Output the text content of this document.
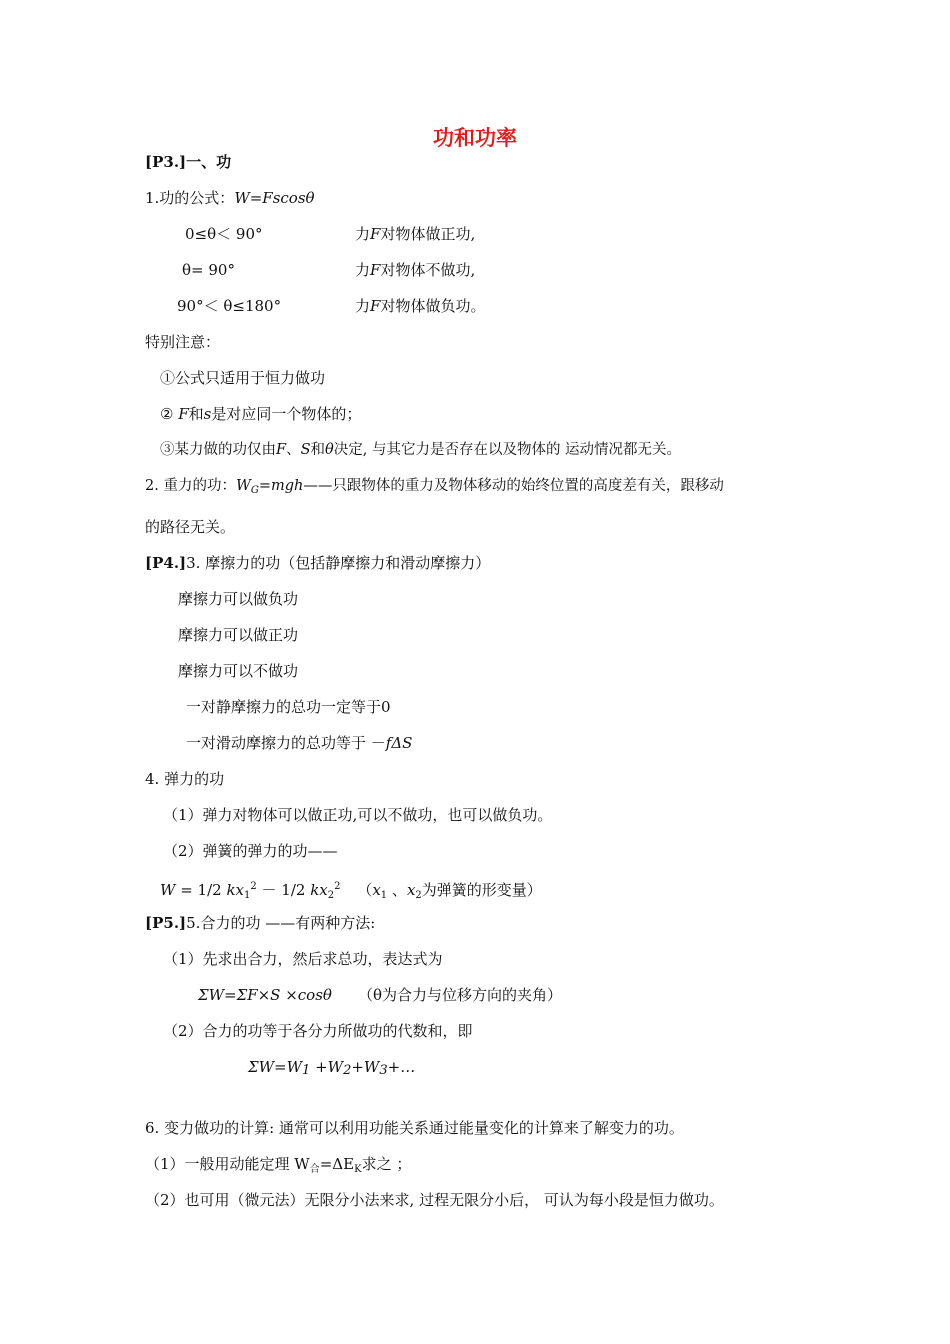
功和功率
[P3.]一、功
1.功的公式：W=Fscosθ
0≤θ＜ 90°	力F对物体做正功,
θ= 90°	力F对物体不做功,
90°＜ θ≤180°	力F对物体做负功。
特别注意：
①公式只适用于恒力做功
② F和s是对应同一个物体的；
③某力做的功仅由F、S和θ决定, 与其它力是否存在以及物体的 运动情况都无关。
2. 重力的功：$W_G=mgh——$只跟物体的重力及物体移动的始终位置的高度差有关，跟移动
的路径无关。
[P4.]3. 摩擦力的功（包括静摩擦力和滑动摩擦力）
摩擦力可以做负功
摩擦力可以做正功
摩擦力可以不做功
一对静摩擦力的总功一定等于0
一对滑动摩擦力的总功等于 －fΔS
4. 弹力的功
（1）弹力对物体可以做正功,可以不做功，也可以做负功。
（2）弹簧的弹力的功——
W = 1/2 $kx_1^2 - 1/2$ $kx_2^2$ （$x_1$ 、$x_2$为弹簧的形变量）
[P5.]5.合力的功 ——有两种方法:
（1）先求出合力，然后求总功，表达式为
ΣW=ΣF×S ×cosθ （θ为合力与位移方向的夹角）
（2）合力的功等于各分力所做功的代数和，即
ΣW=W1 +W2+W3+…
6. 变力做功的计算: 通常可以利用功能关系通过能量变化的计算来了解变力的功。
（1）一般用动能定理 $W_合=\Delta E_K$求之 ；
（2）也可用（微元法）无限分小法来求, 过程无限分小后， 可认为每小段是恒力做功。
